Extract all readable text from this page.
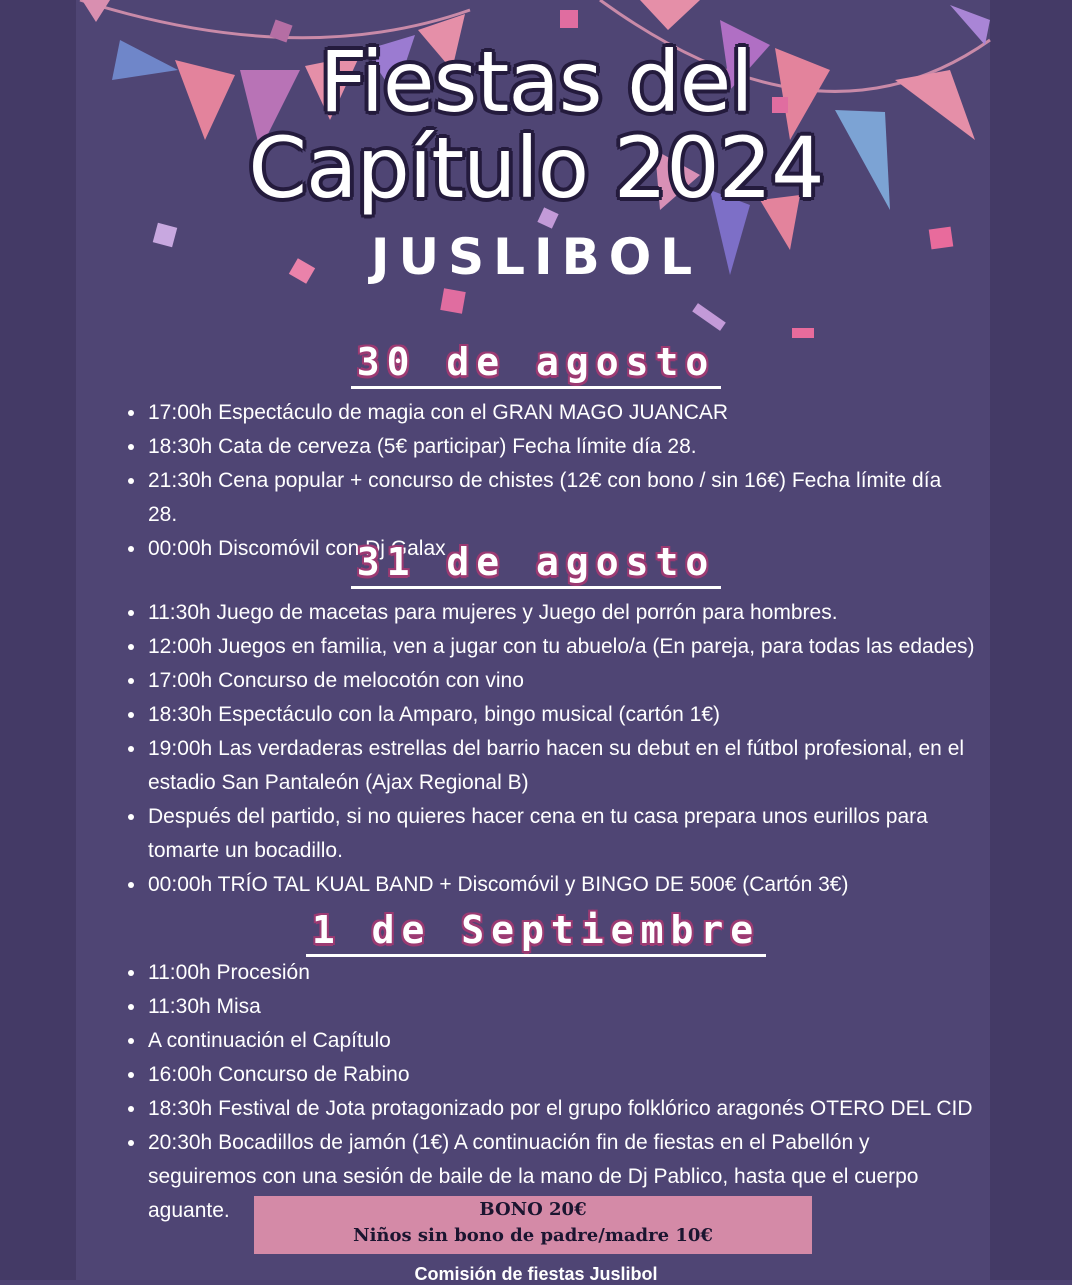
Fiestas del
Capítulo 2024
JUSLIBOL
30 de agosto
17:00h Espectáculo de magia con el GRAN MAGO JUANCAR
18:30h Cata de cerveza (5€ participar) Fecha límite día 28.
21:30h Cena popular + concurso de chistes (12€ con bono / sin 16€) Fecha límite día 28.
00:00h Discomóvil con Dj Galax
31 de agosto
11:30h Juego de macetas para mujeres y Juego del porrón para hombres.
12:00h Juegos en familia, ven a jugar con tu abuelo/a (En pareja, para todas las edades)
17:00h Concurso de melocotón con vino
18:30h Espectáculo con la Amparo, bingo musical (cartón 1€)
19:00h Las verdaderas estrellas del barrio hacen su debut en el fútbol profesional, en el estadio San Pantaleón (Ajax Regional B)
Después del partido, si no quieres hacer cena en tu casa prepara unos eurillos para tomarte un bocadillo.
00:00h TRÍO TAL KUAL BAND + Discomóvil y BINGO DE 500€ (Cartón 3€)
1 de Septiembre
11:00h Procesión
11:30h Misa
A continuación el Capítulo
16:00h Concurso de Rabino
18:30h Festival de Jota protagonizado por el grupo folklórico aragonés OTERO DEL CID
20:30h Bocadillos de jamón (1€) A continuación fin de fiestas en el Pabellón y seguiremos con una sesión de baile de la mano de Dj Pablico, hasta que el cuerpo aguante.	BONO 20€
Niños sin bono de padre/madre 10€
Comisión de fiestas Juslibol
